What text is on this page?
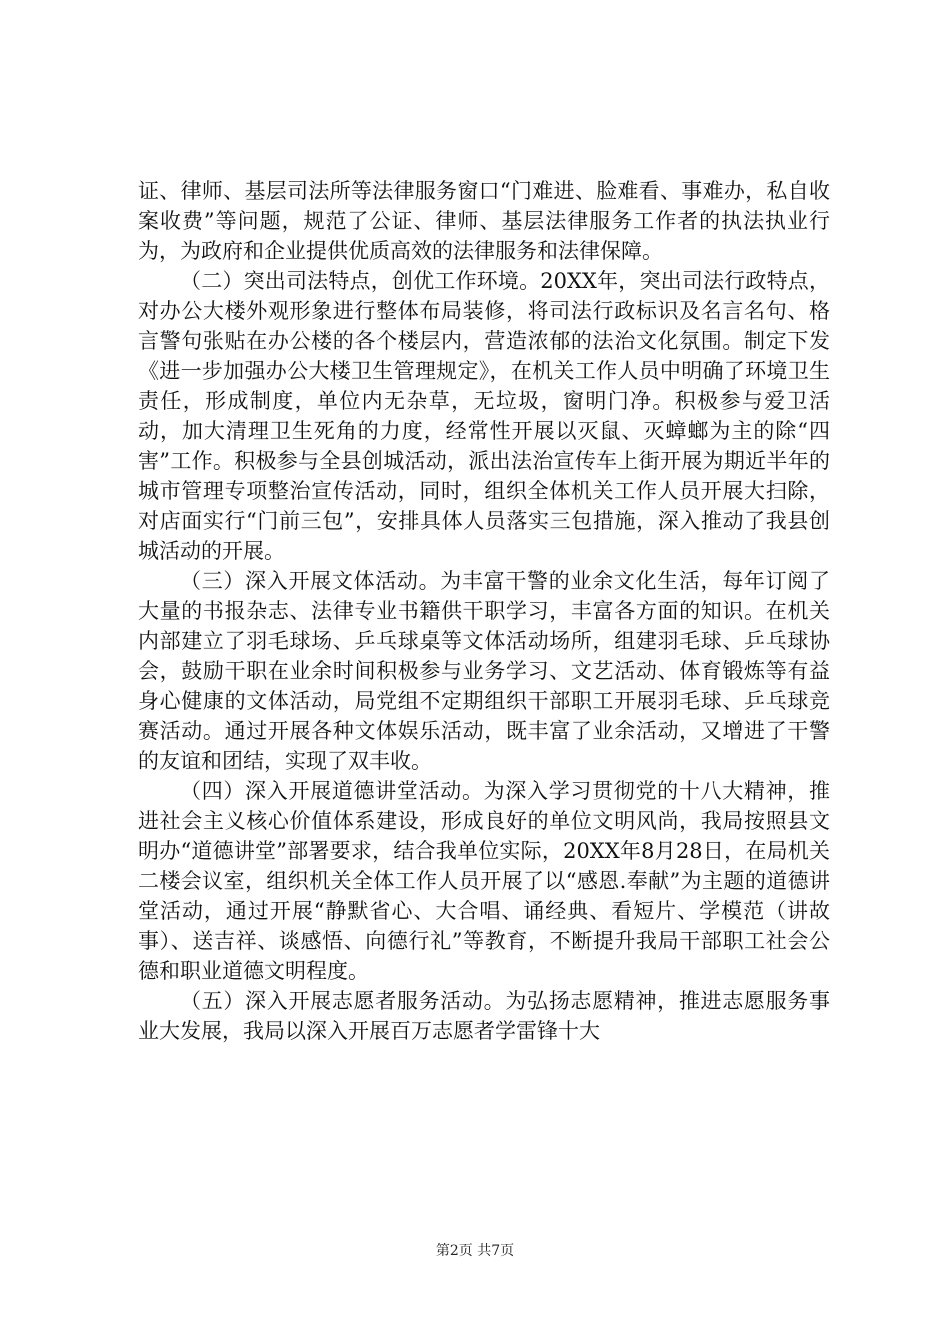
证、律师、基层司法所等法律服务窗口“门难进、脸难看、事难办，私自收案收费”等问题，规范了公证、律师、基层法律服务工作者的执法执业行为，为政府和企业提供优质高效的法律服务和法律保障。

（二）突出司法特点，创优工作环境。20XX年，突出司法行政特点，对办公大楼外观形象进行整体布局装修，将司法行政标识及名言名句、格言警句张贴在办公楼的各个楼层内，营造浓郁的法治文化氛围。制定下发《进一步加强办公大楼卫生管理规定》，在机关工作人员中明确了环境卫生责任，形成制度，单位内无杂草，无垃圾，窗明门净。积极参与爱卫活动，加大清理卫生死角的力度，经常性开展以灭鼠、灭蟑螂为主的除“四害”工作。积极参与全县创城活动，派出法治宣传车上街开展为期近半年的城市管理专项整治宣传活动，同时，组织全体机关工作人员开展大扫除，对店面实行“门前三包”，安排具体人员落实三包措施，深入推动了我县创城活动的开展。

（三）深入开展文体活动。为丰富干警的业余文化生活，每年订阅了大量的书报杂志、法律专业书籍供干职学习，丰富各方面的知识。在机关内部建立了羽毛球场、乒乓球桌等文体活动场所，组建羽毛球、乒乓球协会，鼓励干职在业余时间积极参与业务学习、文艺活动、体育锻炼等有益身心健康的文体活动，局党组不定期组织干部职工开展羽毛球、乒乓球竞赛活动。通过开展各种文体娱乐活动，既丰富了业余活动，又增进了干警的友谊和团结，实现了双丰收。

（四）深入开展道德讲堂活动。为深入学习贯彻党的十八大精神，推进社会主义核心价值体系建设，形成良好的单位文明风尚，我局按照县文明办“道德讲堂”部署要求，结合我单位实际，20XX年8月28日，在局机关二楼会议室，组织机关全体工作人员开展了以“感恩.奉献”为主题的道德讲堂活动，通过开展“静默省心、大合唱、诵经典、看短片、学模范（讲故事）、送吉祥、谈感悟、向德行礼”等教育，不断提升我局干部职工社会公德和职业道德文明程度。

（五）深入开展志愿者服务活动。为弘扬志愿精神，推进志愿服务事业大发展，我局以深入开展百万志愿者学雷锋十大

第2页 共7页
